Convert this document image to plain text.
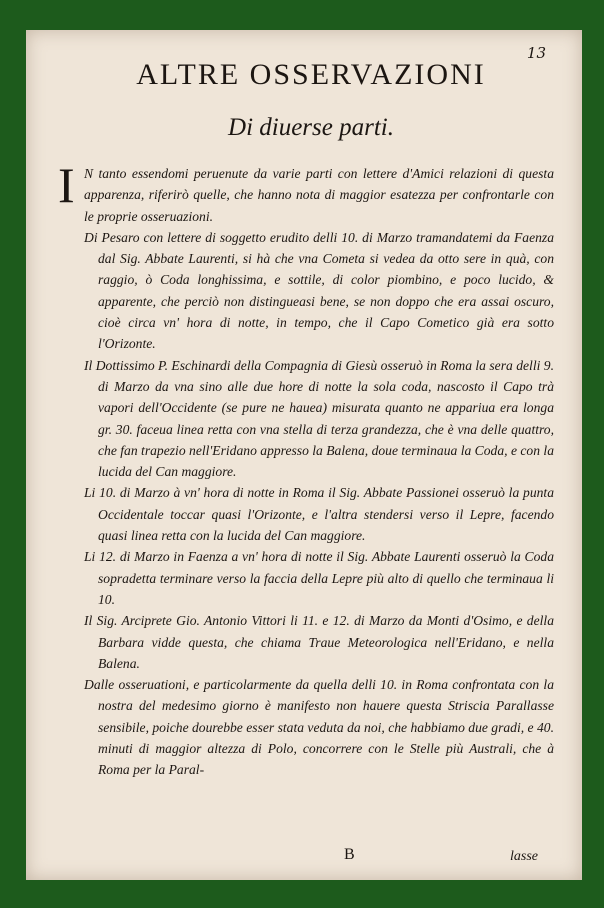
13
ALTRE OSSERVAZIONI
Di diuerse parti.

I N tanto essendomi peruenute da varie parti con lettere d'Amici relazioni di questa apparenza, riferirò quelle, che hanno nota di maggior esatezza per confrontarle con le proprie osseruazioni.

Di Pesaro con lettere di soggetto erudito delli 10. di Marzo tramandatemi da Faenza dal Sig. Abbate Laurenti, si hà che vna Cometa si vedea da otto sere in quà, con raggio, ò Coda longhissima, e sottile, di color piombino, e poco lucido, & apparente, che perciò non distingueasi bene, se non doppo che era assai oscuro, cioè circa vn' hora di notte, in tempo, che il Capo Cometico già era sotto l'Orizonte.

Il Dottissimo P. Eschinardi della Compagnia di Giesù osseruò in Roma la sera delli 9. di Marzo da vna sino alle due hore di notte la sola coda, nascosto il Capo trà vapori dell'Occidente (se pure ne hauea) misurata quanto ne appariua era longa gr. 30. faceua linea retta con vna stella di terza grandezza, che è vna delle quattro, che fan trapezio nell'Eridano appresso la Balena, doue terminaua la Coda, e con la lucida del Can maggiore.

Li 10. di Marzo à vn' hora di notte in Roma il Sig. Abbate Passionei osseruò la punta Occidentale toccar quasi l'Orizonte, e l'altra stendersi verso il Lepre, facendo quasi linea retta con la lucida del Can maggiore.

Li 12. di Marzo in Faenza a vn' hora di notte il Sig. Abbate Laurenti osseruò la Coda sopradetta terminare verso la faccia della Lepre più alto di quello che terminaua li 10.

Il Sig. Arciprete Gio. Antonio Vittori li 11. e 12. di Marzo da Monti d'Osimo, e della Barbara vidde questa, che chiama Traue Meteorologica nell'Eridano, e nella Balena.

Dalle osseruationi, e particolarmente da quella delli 10. in Roma confrontata con la nostra del medesimo giorno è manifesto non hauere questa Striscia Parallasse sensibile, poiche dourebbe esser stata veduta da noi, che habbiamo due gradi, e 40. minuti di maggior altezza di Polo, concorrere con le Stelle più Australi, che à Roma per la Paral-

B	lasse
